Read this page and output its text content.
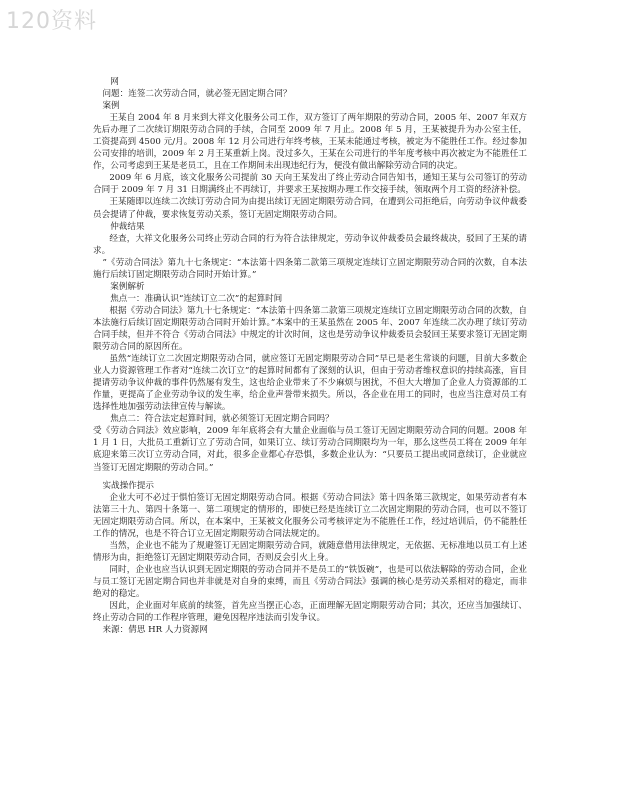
120资料

网

问题：连签二次劳动合同，就必签无固定期合同？

案例

王某自 2004 年 8 月来到大祥文化服务公司工作，双方签订了两年期限的劳动合同，2005 年、2007 年双方先后办理了二次续订期限劳动合同的手续，合同至 2009 年 7 月止。2008 年 5 月，王某被提升为办公室主任，工资提高到 4500 元/月。2008 年 12 月公司进行年终考核，王某未能通过考核，被定为不能胜任工作。经过参加公司安排的培训，2009 年 2 月王某重新上岗。没过多久，王某在公司进行的半年度考核中再次被定为不能胜任工作，公司考虑到王某是老员工，且在工作期间未出现违纪行为，便没有做出解除劳动合同的决定。

2009 年 6 月底，该文化服务公司提前 30 天向王某发出了终止劳动合同告知书，通知王某与公司签订的劳动合同于 2009 年 7 月 31 日期满终止不再续订，并要求王某按期办理工作交接手续，领取两个月工资的经济补偿。

王某随即以连续二次续订劳动合同为由提出续订无固定期限劳动合同，在遭到公司拒绝后，向劳动争议仲裁委员会提请了仲裁，要求恢复劳动关系，签订无固定期限劳动合同。

仲裁结果

经查，大祥文化服务公司终止劳动合同的行为符合法律规定，劳动争议仲裁委员会最终裁决，驳回了王某的请求。

”《劳动合同法》第九十七条规定：“本法第十四条第二款第三项规定连续订立固定期限劳动合同的次数，自本法施行后续订固定期限劳动合同时开始计算。”

案例解析

焦点一：准确认识“连续订立二次”的起算时间

根据《劳动合同法》第九十七条规定：“本法第十四条第二款第三项规定连续订立固定期限劳动合同的次数，自本法施行后续订固定期限劳动合同时开始计算。”本案中的王某虽然在 2005 年、2007 年连续二次办理了续订劳动合同手续，但并不符合《劳动合同法》中规定的计次时间，这也是劳动争议仲裁委员会驳回王某要求签订无固定期限劳动合同的原因所在。

虽然“连续订立二次固定期限劳动合同，就应签订无固定期限劳动合同”早已是老生常谈的问题，目前大多数企业人力资源管理工作者对“连续二次订立”的起算时间都有了深刻的认识，但由于劳动者维权意识的持续高涨，盲目提请劳动争议仲裁的事件仍然屡有发生，这也给企业带来了不少麻烦与困扰，不但大大增加了企业人力资源部的工作量，更提高了企业劳动争议的发生率，给企业声誉带来损失。所以，各企业在用工的同时，也应当注意对员工有选择性地加强劳动法律宣传与解读。

焦点二：符合法定起算时间，就必须签订无固定期合同吗？

受《劳动合同法》效应影响，2009 年年底将会有大量企业面临与员工签订无固定期限劳动合同的问题。2008 年 1 月 1 日，大批员工重新订立了劳动合同，如果订立、续订劳动合同期限均为一年，那么这些员工将在 2009 年年底迎来第三次订立劳动合同，对此，很多企业都心存恐惧，多数企业认为：“只要员工提出或同意续订，企业就应当签订无固定期限的劳动合同。”

实战操作提示

企业大可不必过于惧怕签订无固定期限劳动合同。根据《劳动合同法》第十四条第三款规定，如果劳动者有本法第三十九、第四十条第一、第二项规定的情形的，即使已经是连续订立二次固定期限的劳动合同，也可以不签订无固定期限劳动合同。所以，在本案中，王某被文化服务公司考核评定为不能胜任工作，经过培训后，仍不能胜任工作的情况，也是不符合订立无固定期限劳动合同法规定的。

当然，企业也不能为了规避签订无固定期限劳动合同，就随意借用法律规定，无依据、无标准地以员工有上述情形为由，拒绝签订无固定期限劳动合同，否则反会引火上身。

同时，企业也应当认识到无固定期限的劳动合同并不是员工的“铁饭碗”，也是可以依法解除的劳动合同，企业与员工签订无固定期合同也并非就是对自身的束缚，而且《劳动合同法》强调的核心是劳动关系相对的稳定，而非绝对的稳定。

因此，企业面对年底前的续签，首先应当摆正心态，正面理解无固定期限劳动合同；其次，还应当加强续订、终止劳动合同的工作程序管理，避免因程序违法而引发争议。

来源：倩思 HR 人力资源网
